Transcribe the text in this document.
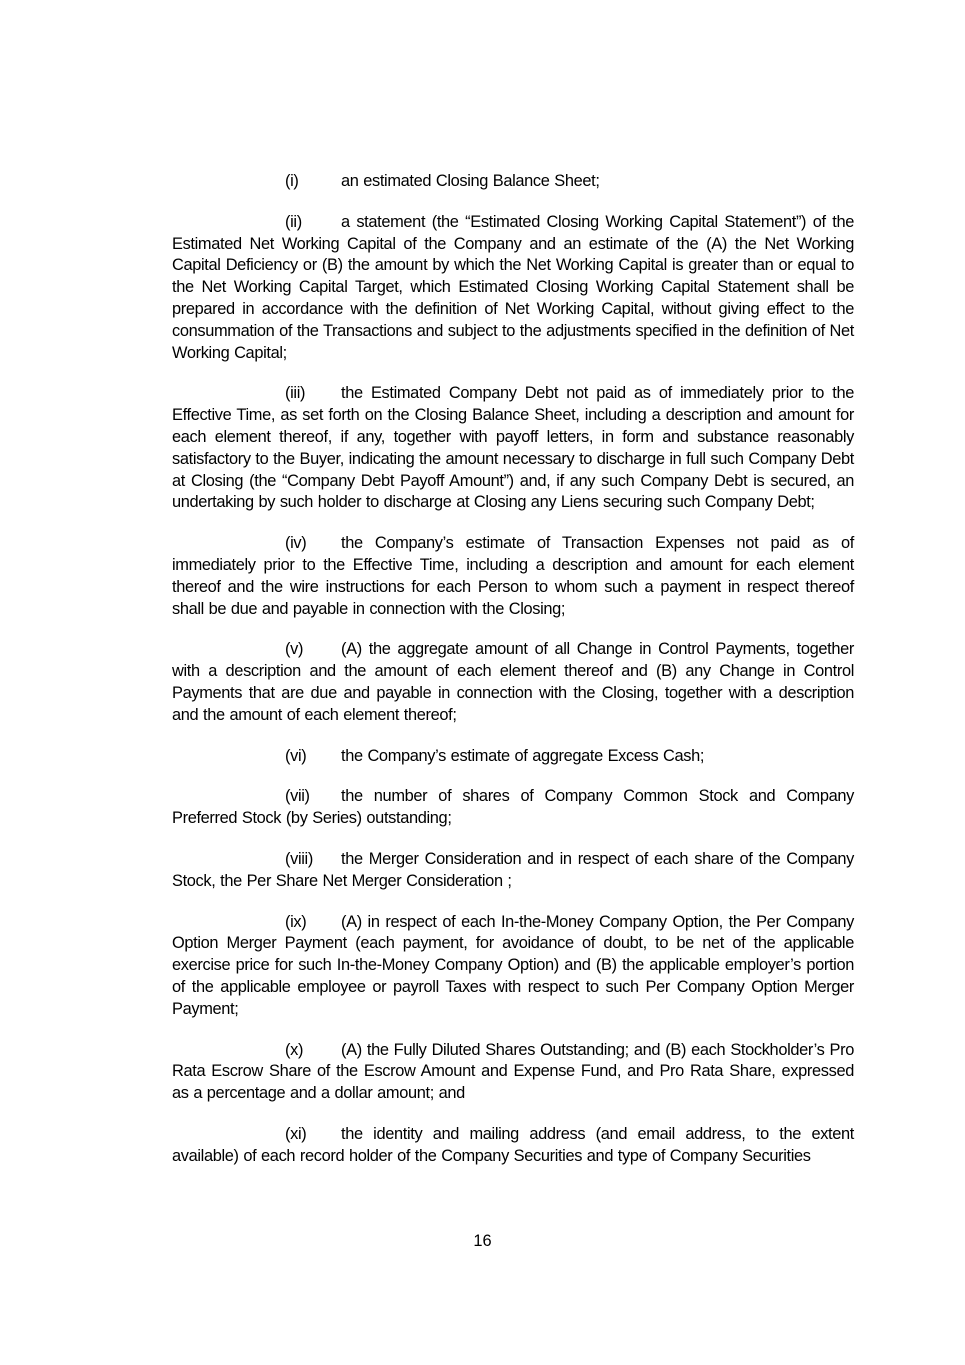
(i)	an estimated Closing Balance Sheet;

(ii) a statement (the “Estimated Closing Working Capital Statement”) of the Estimated Net Working Capital of the Company and an estimate of the (A) the Net Working Capital Deficiency or (B) the amount by which the Net Working Capital is greater than or equal to the Net Working Capital Target, which Estimated Closing Working Capital Statement shall be prepared in accordance with the definition of Net Working Capital, without giving effect to the consummation of the Transactions and subject to the adjustments specified in the definition of Net Working Capital;

(iii) the Estimated Company Debt not paid as of immediately prior to the Effective Time, as set forth on the Closing Balance Sheet, including a description and amount for each element thereof, if any, together with payoff letters, in form and substance reasonably satisfactory to the Buyer, indicating the amount necessary to discharge in full such Company Debt at Closing (the “Company Debt Payoff Amount”) and, if any such Company Debt is secured, an undertaking by such holder to discharge at Closing any Liens securing such Company Debt;

(iv) the Company’s estimate of Transaction Expenses not paid as of immediately prior to the Effective Time, including a description and amount for each element thereof and the wire instructions for each Person to whom such a payment in respect thereof shall be due and payable in connection with the Closing;

(v) (A) the aggregate amount of all Change in Control Payments, together with a description and the amount of each element thereof and (B) any Change in Control Payments that are due and payable in connection with the Closing, together with a description and the amount of each element thereof;

(vi) the Company’s estimate of aggregate Excess Cash;

(vii) the number of shares of Company Common Stock and Company Preferred Stock (by Series) outstanding;

(viii) the Merger Consideration and in respect of each share of the Company Stock, the Per Share Net Merger Consideration ;

(ix) (A) in respect of each In-the-Money Company Option, the Per Company Option Merger Payment (each payment, for avoidance of doubt, to be net of the applicable exercise price for such In-the-Money Company Option) and (B) the applicable employer’s portion of the applicable employee or payroll Taxes with respect to such Per Company Option Merger Payment;

(x) (A) the Fully Diluted Shares Outstanding; and (B) each Stockholder’s Pro Rata Escrow Share of the Escrow Amount and Expense Fund, and Pro Rata Share, expressed as a percentage and a dollar amount; and

(xi) the identity and mailing address (and email address, to the extent available) of each record holder of the Company Securities and type of Company Securities

16
